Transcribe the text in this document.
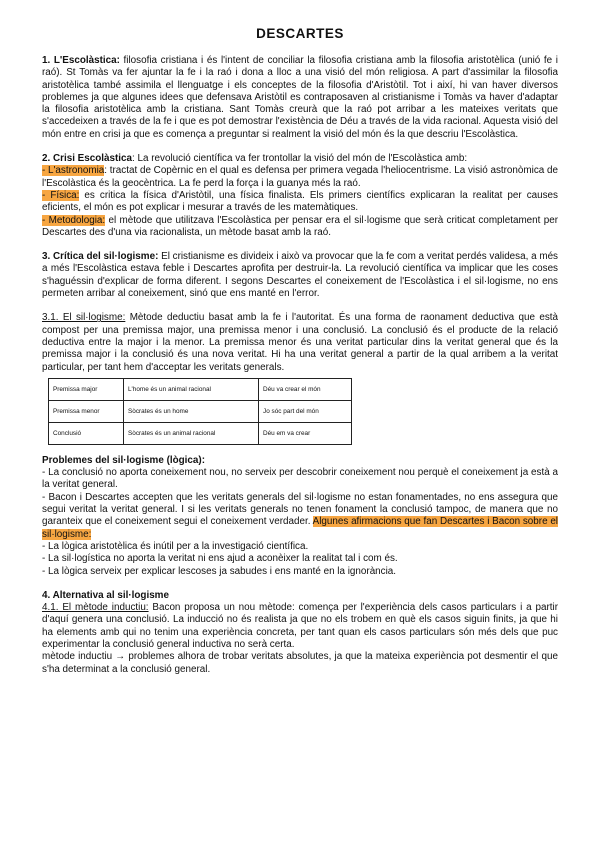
DESCARTES

1. L'Escolàstica: filosofia cristiana i és l'intent de conciliar la filosofia cristiana amb la filosofia aristotèlica (unió fe i raó). St Tomàs va fer ajuntar la fe i la raó i dona a lloc a una visió del món religiosa. A part d'assimilar la filosofia aristotèlica també assimila el llenguatge i els conceptes de la filosofia d'Aristòtil. Tot i així, hi van haver diversos problemes ja que algunes idees que defensava Aristòtil es contraposaven al cristianisme i Tomàs va haver d'adaptar la filosofia aristotèlica amb la cristiana. Sant Tomàs creurà que la raó pot arribar a les mateixes veritats que s'accedeixen a través de la fe i que es pot demostrar l'existència de Déu a través de la vida racional. Aquesta visió del món entre en crisi ja que es comença a preguntar si realment la visió del món és la que descriu l'Escolàstica.

2. Crisi Escolàstica: La revolució científica va fer trontollar la visió del món de l'Escolàstica amb:

- L'astronomia: tractat de Copèrnic en el qual es defensa per primera vegada l'heliocentrisme. La visió astronòmica de l'Escolàstica és la geocèntrica. La fe perd la força i la guanya més la raó.

- Física: es critica la física d'Aristòtil, una física finalista. Els primers científics explicaran la realitat per causes eficients, el món es pot explicar i mesurar a través de les matemàtiques.

- Metodologia: el mètode que utilitzava l'Escolàstica per pensar era el sil·logisme que serà criticat completament per Descartes des d'una via racionalista, un mètode basat amb la raó.

3. Crítica del sil·logisme: El cristianisme es divideix i això va provocar que la fe com a veritat perdés validesa, a més a més l'Escolàstica estava feble i Descartes aprofita per destruir-la. La revolució científica va implicar que les coses s'haguéssin d'explicar de forma diferent. I segons Descartes el coneixement de l'Escolàstica i el sil·logisme, no ens permeten arribar al coneixement, sinó que ens manté en l'error.

3.1. El sil·logisme: Mètode deductiu basat amb la fe i l'autoritat. És una forma de raonament deductiva que està compost per una premissa major, una premissa menor i una conclusió. La conclusió és el producte de la relació deductiva entre la major i la menor. La premissa menor és una veritat particular dins la veritat general que és la premissa major i la conclusió és una nova veritat. Hi ha una veritat general a partir de la qual arribem a la veritat particular, per tant hem d'acceptar les veritats generals.

Premissa major	L'home és un animal racional	Déu va crear el món
Premissa menor	Sòcrates és un home	Jo sóc part del món
Conclusió	Sòcrates és un animal racional	Déu em va crear

Problemes del sil·logisme (lògica):

- La conclusió no aporta coneixement nou, no serveix per descobrir coneixement nou perquè el coneixement ja està a la veritat general.

- Bacon i Descartes accepten que les veritats generals del sil·logisme no estan fonamentades, no ens assegura que segui veritat la veritat general. I si les veritats generals no tenen fonament la conclusió tampoc, de manera que no garanteix que el coneixement segui el coneixement verdader. Algunes afirmacions que fan Descartes i Bacon sobre el sil·logisme:

- La lògica aristotèlica és inútil per a la investigació científica.

- La sil·logística no aporta la veritat ni ens ajud a aconèixer la realitat tal i com és.

- La lògica serveix per explicar lescoses ja sabudes i ens manté en la ignorància.

4. Alternativa al sil·logisme

4.1. El mètode inductiu: Bacon proposa un nou mètode: comença per l'experiència dels casos particulars i a partir d'aquí genera una conclusió. La inducció no és realista ja que no els trobem en què els casos siguin finits, ja que hi ha elements amb qui no tenim una experiència concreta, per tant quan els casos particulars són més dels que puc experimentar la conclusió general inductiva no serà certa.

mètode inductiu → problemes alhora de trobar veritats absolutes, ja que la mateixa experiència pot desmentir el que s'ha determinat a la conclusió general.
